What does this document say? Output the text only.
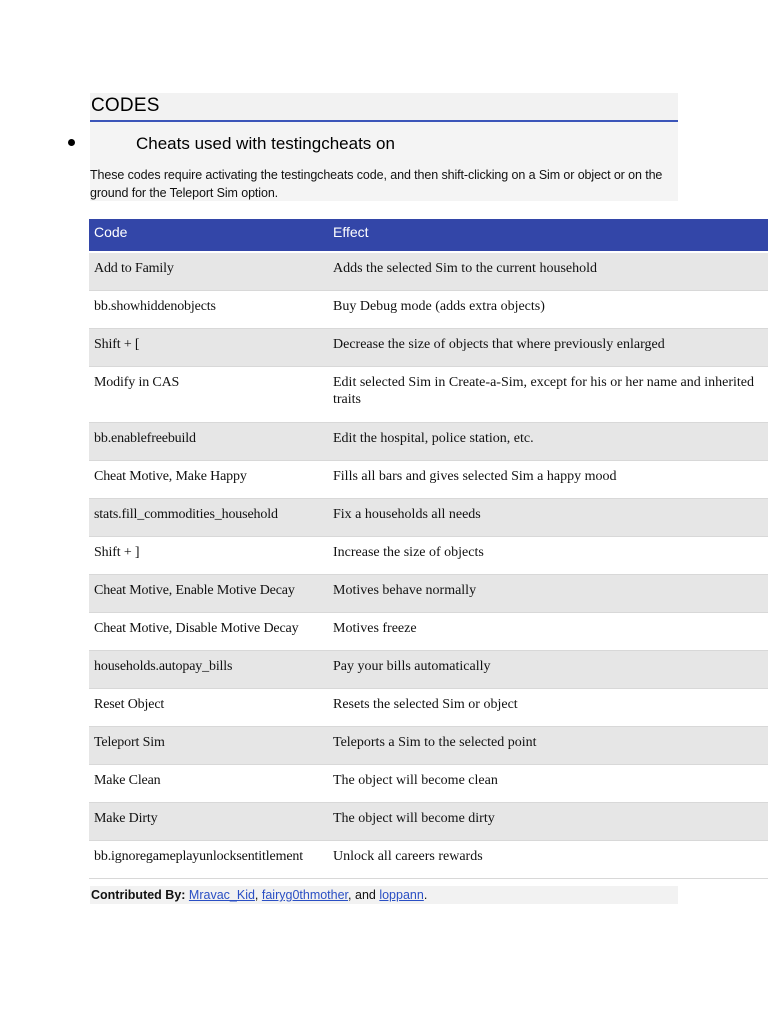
CODES
Cheats used with testingcheats on
These codes require activating the testingcheats code, and then shift-clicking on a Sim or object or on the ground for the Teleport Sim option.
Code	Effect
Add to Family	Adds the selected Sim to the current household
bb.showhiddenobjects	Buy Debug mode (adds extra objects)
Shift + [	Decrease the size of objects that where previously enlarged
Modify in CAS	Edit selected Sim in Create-a-Sim, except for his or her name and inherited traits
bb.enablefreebuild	Edit the hospital, police station, etc.
Cheat Motive, Make Happy	Fills all bars and gives selected Sim a happy mood
stats.fill_commodities_household	Fix a households all needs
Shift + ]	Increase the size of objects
Cheat Motive, Enable Motive Decay	Motives behave normally
Cheat Motive, Disable Motive Decay	Motives freeze
households.autopay_bills	Pay your bills automatically
Reset Object	Resets the selected Sim or object
Teleport Sim	Teleports a Sim to the selected point
Make Clean	The object will become clean
Make Dirty	The object will become dirty
bb.ignoregameplayunlocksentitlement	Unlock all careers rewards
Contributed By: Mravac_Kid, fairyg0thmother, and loppann.
